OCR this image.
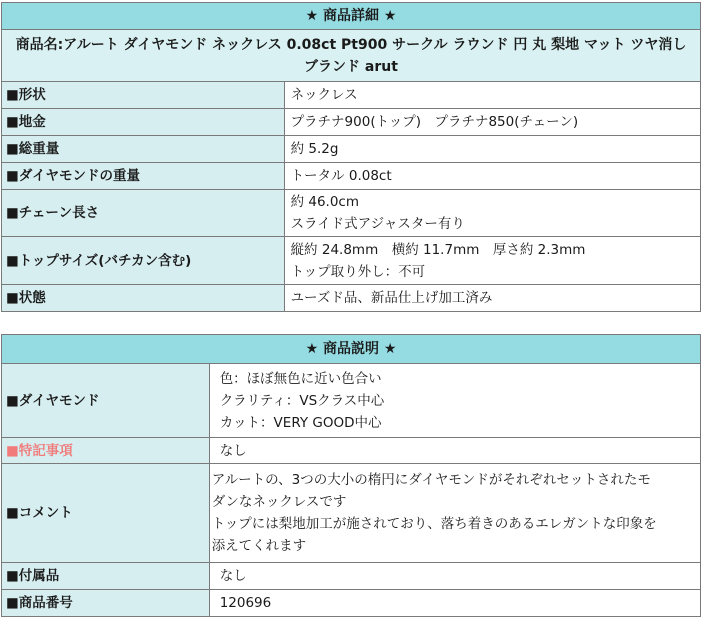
★ 商品詳細 ★	

商品名:アルート ダイヤモンド ネックレス 0.08ct Pt900 サークル ラウンド 円 丸 梨地 マット ツヤ消し
ブランド arut	

■形状	ネックレス
■地金	プラチナ900(トップ)　プラチナ850(チェーン)
■総重量	約 5.2g
■ダイヤモンドの重量	トータル 0.08ct
■チェーン長さ	約 46.0cm
スライド式アジャスター有り

■トップサイズ(バチカン含む)	縦約 24.8mm　横約 11.7mm　厚さ約 2.3mm
トップ取り外し：不可

■状態	ユーズド品、新品仕上げ加工済み
★ 商品説明 ★	
■ダイヤモンド	色：ほぼ無色に近い色合い
クラリティ：VSクラス中心
カット：VERY GOOD中心

■特記事項	なし
■コメント	アルートの、3つの大小の楕円にダイヤモンドがそれぞれセットされたモ
ダンなネックレスです
トップには梨地加工が施されており、落ち着きのあるエレガントな印象を
添えてくれます

■付属品	なし
■商品番号	120696
